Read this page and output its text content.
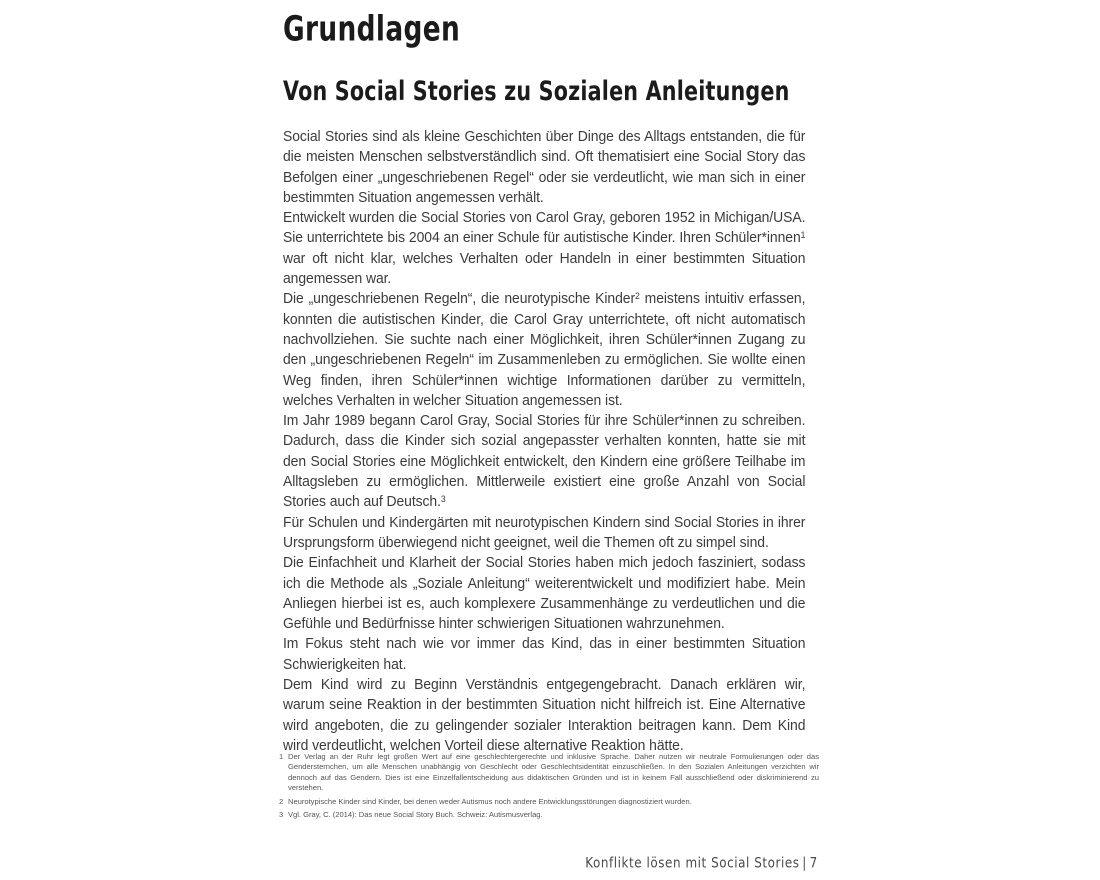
Grundlagen
Von Social Stories zu Sozialen Anleitungen

Social Stories sind als kleine Geschichten über Dinge des Alltags entstanden, die für die meisten Menschen selbstverständlich sind. Oft thematisiert eine Social Story das Befolgen einer „ungeschriebenen Regel“ oder sie verdeutlicht, wie man sich in einer bestimmten Situation angemessen verhält.

Entwickelt wurden die Social Stories von Carol Gray, geboren 1952 in Michigan/USA. Sie unterrichtete bis 2004 an einer Schule für autistische Kinder. Ihren Schüler*innen$^1$ war oft nicht klar, welches Verhalten oder Handeln in einer bestimmten Situation angemessen war.

Die „ungeschriebenen Regeln“, die neurotypische Kinder$^2$ meistens intuitiv erfassen, konnten die autistischen Kinder, die Carol Gray unterrichtete, oft nicht automatisch nachvollziehen. Sie suchte nach einer Möglichkeit, ihren Schüler*innen Zugang zu den „ungeschriebenen Regeln“ im Zusammenleben zu ermöglichen. Sie wollte einen Weg finden, ihren Schüler*innen wichtige Informationen darüber zu vermitteln, welches Verhalten in welcher Situation angemessen ist.

Im Jahr 1989 begann Carol Gray, Social Stories für ihre Schüler*innen zu schreiben. Dadurch, dass die Kinder sich sozial angepasster verhalten konnten, hatte sie mit den Social Stories eine Möglichkeit entwickelt, den Kindern eine größere Teilhabe im Alltagsleben zu ermöglichen. Mittlerweile existiert eine große Anzahl von Social Stories auch auf Deutsch.$^3$

Für Schulen und Kindergärten mit neurotypischen Kindern sind Social Stories in ihrer Ursprungsform überwiegend nicht geeignet, weil die Themen oft zu simpel sind.

Die Einfachheit und Klarheit der Social Stories haben mich jedoch fasziniert, sodass ich die Methode als „Soziale Anleitung“ weiterentwickelt und modifiziert habe. Mein Anliegen hierbei ist es, auch komplexere Zusammenhänge zu verdeutlichen und die Gefühle und Bedürfnisse hinter schwierigen Situationen wahrzunehmen.

Im Fokus steht nach wie vor immer das Kind, das in einer bestimmten Situation Schwierigkeiten hat.

Dem Kind wird zu Beginn Verständnis entgegengebracht. Danach erklären wir, warum seine Reaktion in der bestimmten Situation nicht hilfreich ist. Eine Alternative wird angeboten, die zu gelingender sozialer Interaktion beitragen kann. Dem Kind wird verdeutlicht, welchen Vorteil diese alternative Reaktion hätte.

1 Der Verlag an der Ruhr legt großen Wert auf eine geschlechtergerechte und inklusive Sprache. Daher nutzen wir neutrale Formulierungen oder das Gendersternchen, um alle Menschen unabhängig von Geschlecht oder Geschlechtsidentität einzuschließen. In den Sozialen Anleitungen verzichten wir dennoch auf das Gendern. Dies ist eine Einzelfallentscheidung aus didaktischen Gründen und ist in keinem Fall ausschließend oder diskriminierend zu verstehen.

2 Neurotypische Kinder sind Kinder, bei denen weder Autismus noch andere Entwicklungsstörungen diagnostiziert wurden.

3 Vgl. Gray, C. (2014): Das neue Social Story Buch. Schweiz: Autismusverlag.

Konflikte lösen mit Social Stories | 7
